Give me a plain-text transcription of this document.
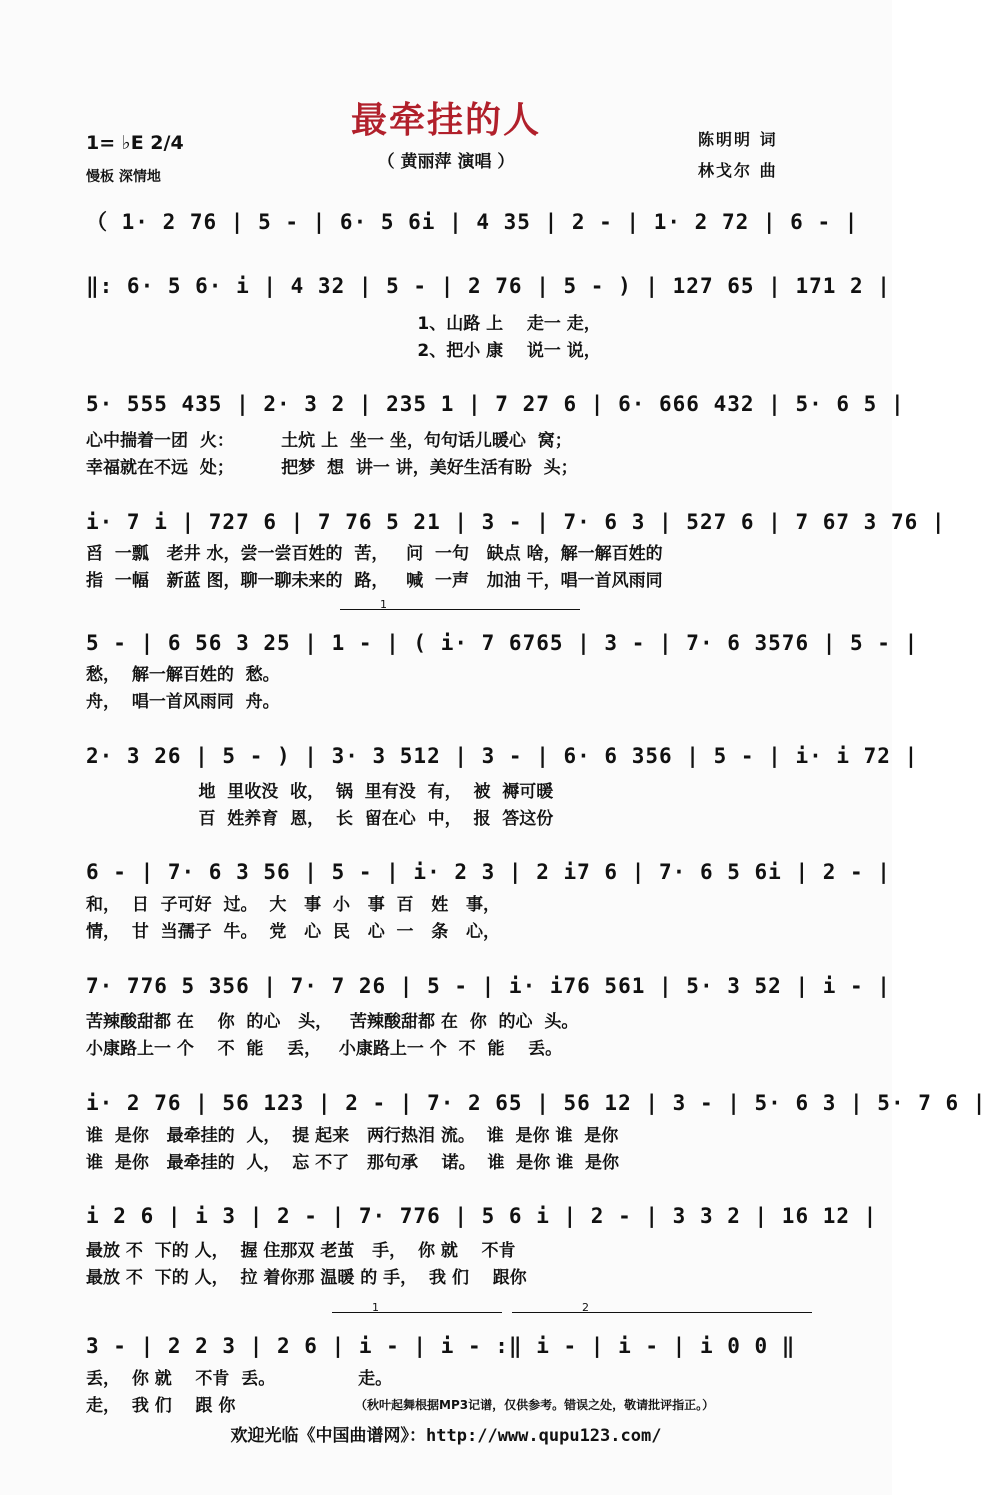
最牵挂的人
（ 黄丽萍 演唱 ）
1= ♭E 2/4
慢板 深情地
陈明明 词
林戈尔 曲
（ 1· 2 76 | 5 - | 6· 5 6i | 4 35 | 2 - | 1· 2 72 | 6 - |
‖: 6· 5 6· i | 4 32 | 5 - | 2 76 | 5 - ) | 127 65 | 171 2 |
1、山路 上    走一 走，
2、把小 康    说一 说，
5· 555 435 | 2· 3 2 | 235 1 | 7 27 6 | 6· 666 432 | 5· 6 5 |
心中揣着一团  火：        土炕 上  坐一 坐，句句话儿暖心  窝；
幸福就在不远  处；        把梦  想  讲一 讲，美好生活有盼  头；
i· 7 i | 727 6 | 7 76 5 21 | 3 - | 7· 6 3 | 527 6 | 7 67 3 76 |
舀  一瓢   老井 水，尝一尝百姓的  苦，   问  一句   缺点 啥，解一解百姓的
指  一幅   新蓝 图，聊一聊未来的  路，   喊  一声   加油 干，唱一首风雨同
1
5 - | 6 56 3 25 | 1 - | ( i· 7 6765 | 3 - | 7· 6 3576 | 5 - |
愁，  解一解百姓的  愁。
舟，  唱一首风雨同  舟。
2· 3 26 | 5 - ) | 3· 3 512 | 3 - | 6· 6 356 | 5 - | i· i 72 |
地  里收没  收，  锅  里有没  有，  被  褥可暖
百  姓养育  恩，  长  留在心  中，  报  答这份
6 - | 7· 6 3 56 | 5 - | i· 2 3 | 2 i7 6 | 7· 6 5 6i | 2 - |
和，  日  子可好  过。  大   事  小   事  百   姓   事，
情，  甘  当孺子  牛。  党   心  民   心  一   条   心，
7· 776 5 356 | 7· 7 26 | 5 - | i· i76 561 | 5· 3 52 | i - |
苦辣酸甜都 在    你  的心   头，   苦辣酸甜都 在  你  的心  头。
小康路上一 个    不  能    丢，   小康路上一 个  不  能    丢。
i· 2 76 | 56 123 | 2 - | 7· 2 65 | 56 12 | 3 - | 5· 6 3 | 5· 7 6 |
谁  是你   最牵挂的  人，  提 起来   两行热泪 流。  谁  是你 谁  是你
谁  是你   最牵挂的  人，  忘 不了   那句承    诺。  谁  是你 谁  是你
i 2 6 | i 3 | 2 - | 7· 776 | 5 6 i | 2 - | 3 3 2 | 16 12 |
最放 不  下的 人，  握 住那双 老茧   手，  你 就    不肯
最放 不  下的 人，  拉 着你那 温暖 的 手，  我 们    跟你
1	2
3 - | 2 2 3 | 2 6 | i - | i - :‖ i - | i - | i 0 0 ‖
丢，  你 就    不肯  丢。              走。
走，  我 们    跟 你	（秋叶起舞根据MP3记谱，仅供参考。错误之处，敬请批评指正。）
欢迎光临《中国曲谱网》：http://www.qupu123.com/
